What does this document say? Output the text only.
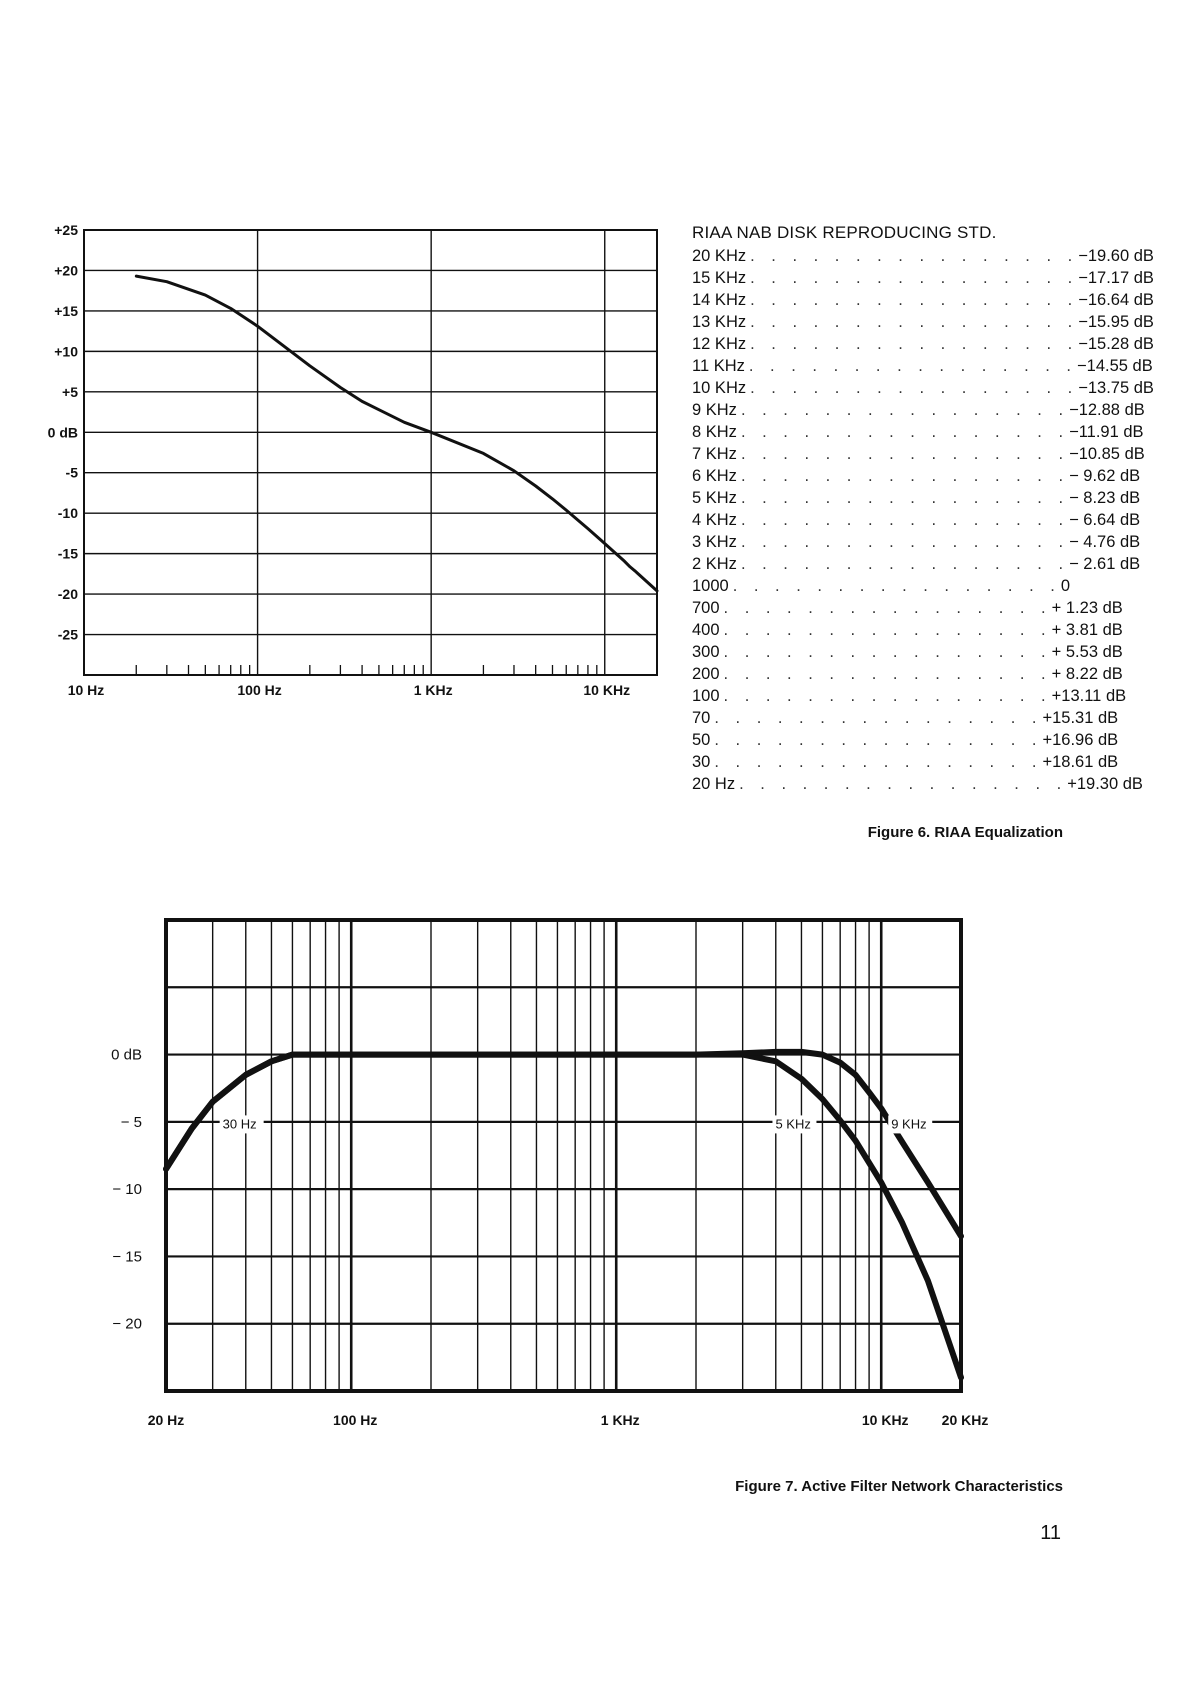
+25
+20
+15
+10
+5
0 dB
-5
-10
-15
-20
-25
10 Hz	100 Hz	1 KHz	10 KHz
RIAA NAB DISK REPRODUCING STD.
20 KHz . . . . . . . . . . . . . . . . −19.60 dB
15 KHz . . . . . . . . . . . . . . . . −17.17 dB
14 KHz . . . . . . . . . . . . . . . . −16.64 dB
13 KHz . . . . . . . . . . . . . . . . −15.95 dB
12 KHz . . . . . . . . . . . . . . . . −15.28 dB
11 KHz . . . . . . . . . . . . . . . . −14.55 dB
10 KHz . . . . . . . . . . . . . . . . −13.75 dB
9 KHz . . . . . . . . . . . . . . . . −12.88 dB
8 KHz . . . . . . . . . . . . . . . . −11.91 dB
7 KHz . . . . . . . . . . . . . . . . −10.85 dB
6 KHz . . . . . . . . . . . . . . . . − 9.62 dB
5 KHz . . . . . . . . . . . . . . . . − 8.23 dB
4 KHz . . . . . . . . . . . . . . . . − 6.64 dB
3 KHz . . . . . . . . . . . . . . . . − 4.76 dB
2 KHz . . . . . . . . . . . . . . . . − 2.61 dB
1000 . . . . . . . . . . . . . . . . 0
700 . . . . . . . . . . . . . . . . + 1.23 dB
400 . . . . . . . . . . . . . . . . + 3.81 dB
300 . . . . . . . . . . . . . . . . + 5.53 dB
200 . . . . . . . . . . . . . . . . + 8.22 dB
100 . . . . . . . . . . . . . . . . +13.11 dB
70 . . . . . . . . . . . . . . . . +15.31 dB
50 . . . . . . . . . . . . . . . . +16.96 dB
30 . . . . . . . . . . . . . . . . +18.61 dB
20 Hz . . . . . . . . . . . . . . . . +19.30 dB
Figure 6. RIAA Equalization
0 dB
− 5
− 10
− 15
− 20
20 Hz	100 Hz	1 KHz	10 KHz 20 KHz
30 Hz	5 KHz	9 KHz
Figure 7. Active Filter Network Characteristics
11
